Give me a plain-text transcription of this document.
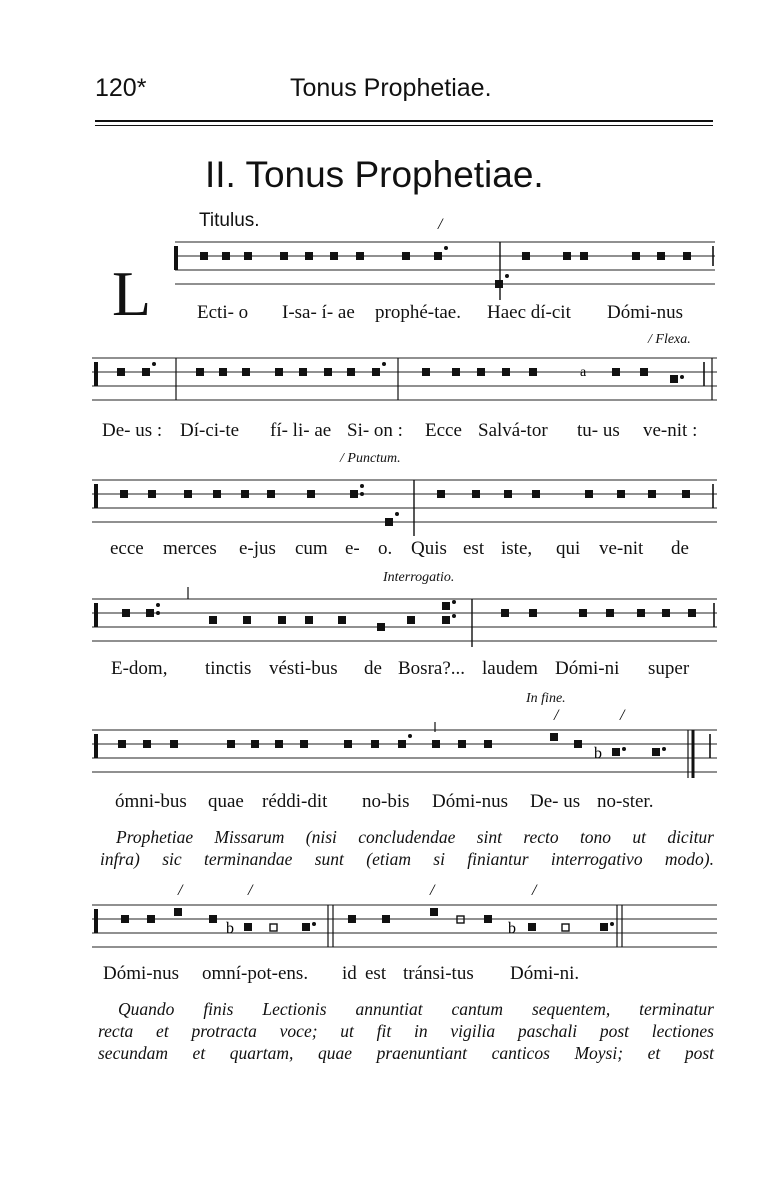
120*	Tonus Prophetiae.
II. Tonus Prophetiae.
Titulus.
L
/
Ecti- o I-sa- í- ae prophé-tae. Haec dí-cit Dómi-nus
a
/ Flexa.
De- us : Dí-ci-te fí- li- ae Si- on : Ecce Salvá-tor tu- us ve-nit :
/ Punctum.
ecce merces e-jus cum e- o. Quis est iste, qui ve-nit de
Interrogatio.
E-dom, tinctis vésti-bus de Bosra?... laudem Dómi-ni super
In fine.
/	/
b
ómni-bus quae réddi-dit no-bis Dómi-nus De- us no-ster.
Prophetiae Missarum (nisi concludendae sint recto tono ut dicitur
infra) sic terminandae sunt (etiam si finiantur interrogativo modo).
/	/	/	/
b	b
Dómi-nus omní-pot-ens. id est tránsi-tus Dómi-ni.
Quando finis Lectionis annuntiat cantum sequentem, terminatur
recta et protracta voce; ut fit in vigilia paschali post lectiones
secundam et quartam, quae praenuntiant canticos Moysi; et post
